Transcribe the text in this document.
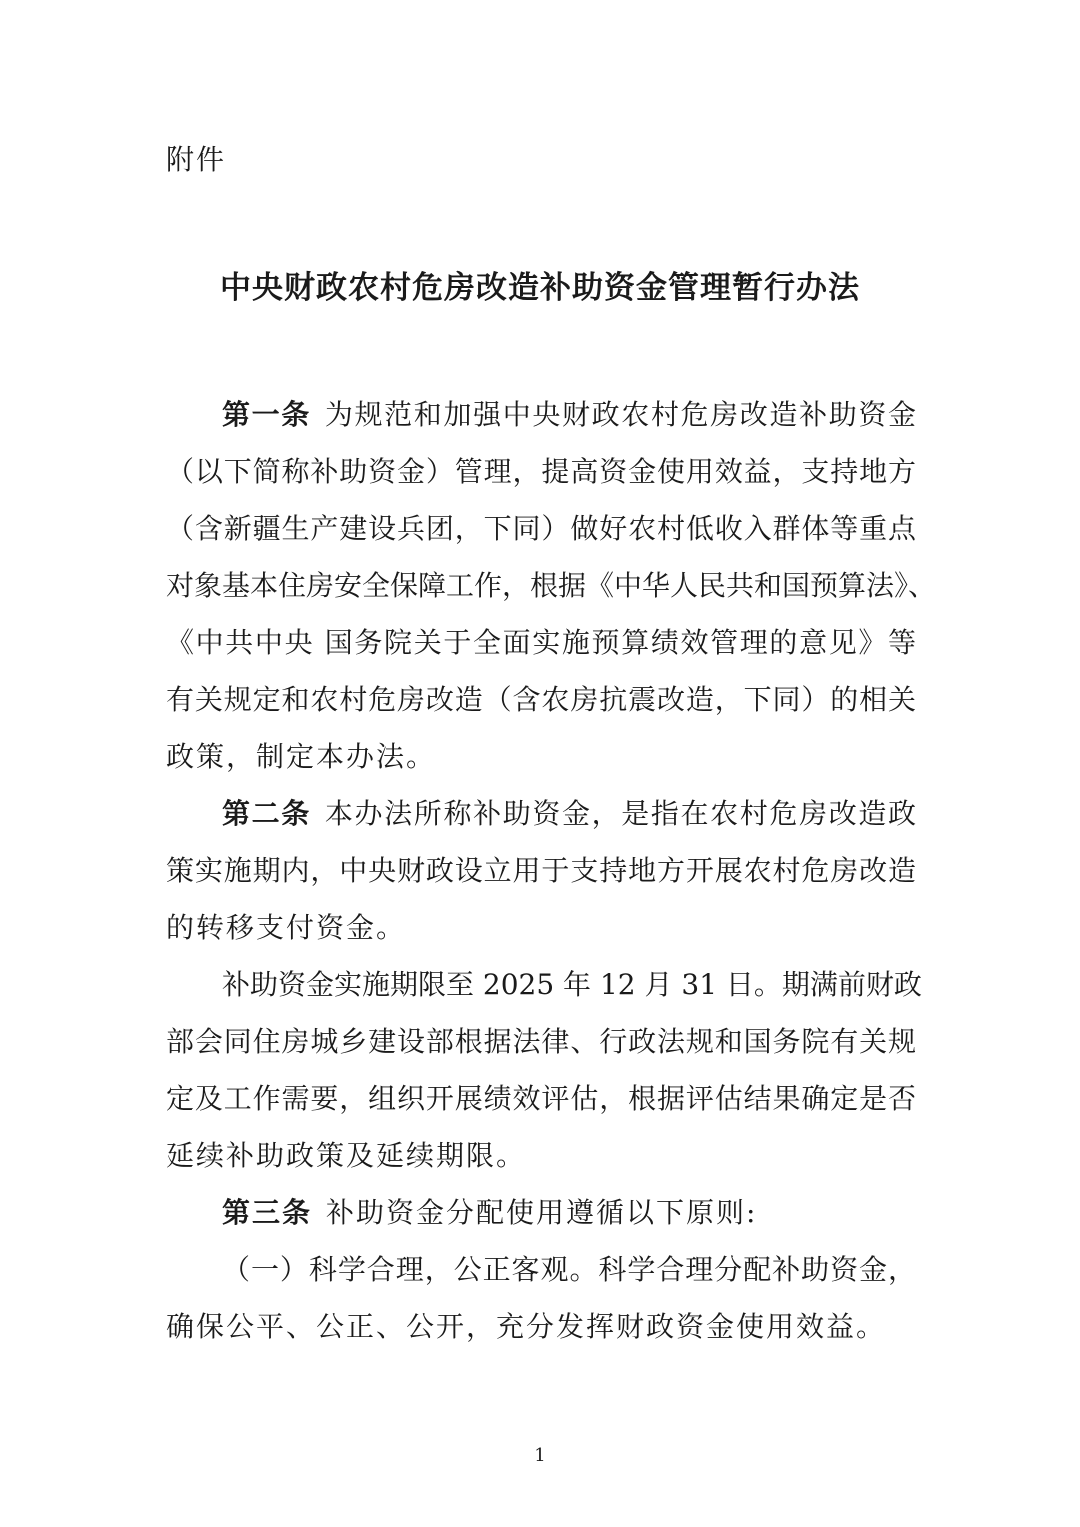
附件
中央财政农村危房改造补助资金管理暂行办法
第一条 为规范和加强中央财政农村危房改造补助资金
（以下简称补助资金）管理，提高资金使用效益，支持地方
（含新疆生产建设兵团，下同）做好农村低收入群体等重点
对象基本住房安全保障工作，根据《中华人民共和国预算法》、
《中共中央 国务院关于全面实施预算绩效管理的意见》等
有关规定和农村危房改造（含农房抗震改造，下同）的相关
政策，制定本办法。
第二条 本办法所称补助资金，是指在农村危房改造政
策实施期内，中央财政设立用于支持地方开展农村危房改造
的转移支付资金。
补助资金实施期限至 2025 年 12 月 31 日。期满前财政
部会同住房城乡建设部根据法律、行政法规和国务院有关规
定及工作需要，组织开展绩效评估，根据评估结果确定是否
延续补助政策及延续期限。
第三条 补助资金分配使用遵循以下原则:
（一）科学合理，公正客观。科学合理分配补助资金，
确保公平、公正、公开，充分发挥财政资金使用效益。
1
